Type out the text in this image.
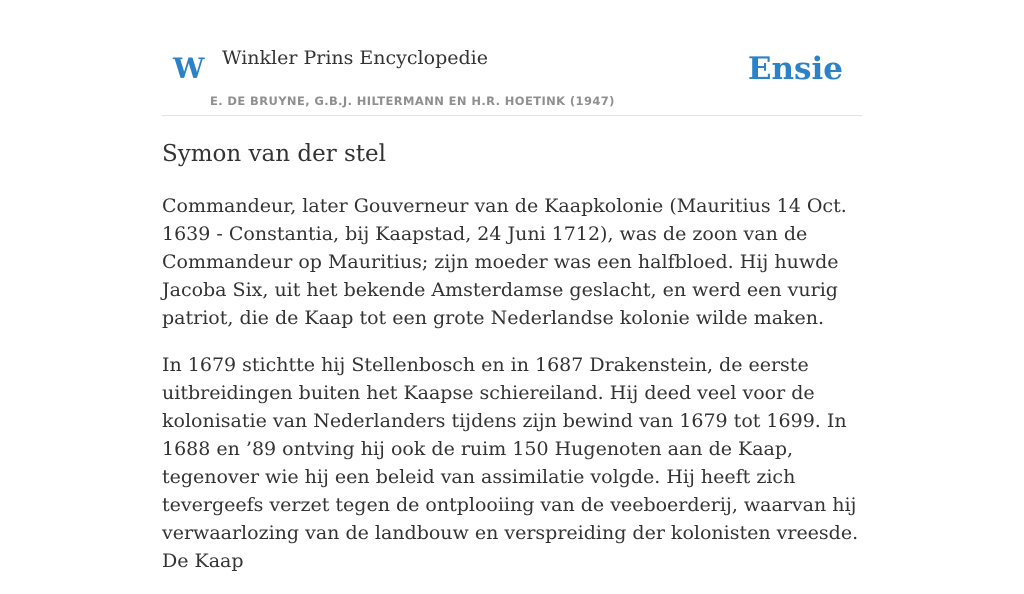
W Winkler Prins Encyclopedie
E. DE BRUYNE, G.B.J. HILTERMANN EN H.R. HOETINK (1947)
Ensie
Symon van der stel

Commandeur, later Gouverneur van de Kaapkolonie (Mauritius 14 Oct. 1639 - Constantia, bij Kaapstad, 24 Juni 1712), was de zoon van de Commandeur op Mauritius; zijn moeder was een halfbloed. Hij huwde Jacoba Six, uit het bekende Amsterdamse geslacht, en werd een vurig patriot, die de Kaap tot een grote Nederlandse kolonie wilde maken.

In 1679 stichtte hij Stellenbosch en in 1687 Drakenstein, de eerste uitbreidingen buiten het Kaapse schiereiland. Hij deed veel voor de kolonisatie van Nederlanders tijdens zijn bewind van 1679 tot 1699. In 1688 en ’89 ontving hij ook de ruim 150 Hugenoten aan de Kaap, tegenover wie hij een beleid van assimilatie volgde. Hij heeft zich tevergeefs verzet tegen de ontplooiing van de veeboerderij, waarvan hij verwaarlozing van de landbouw en verspreiding der kolonisten vreesde. De Kaap
